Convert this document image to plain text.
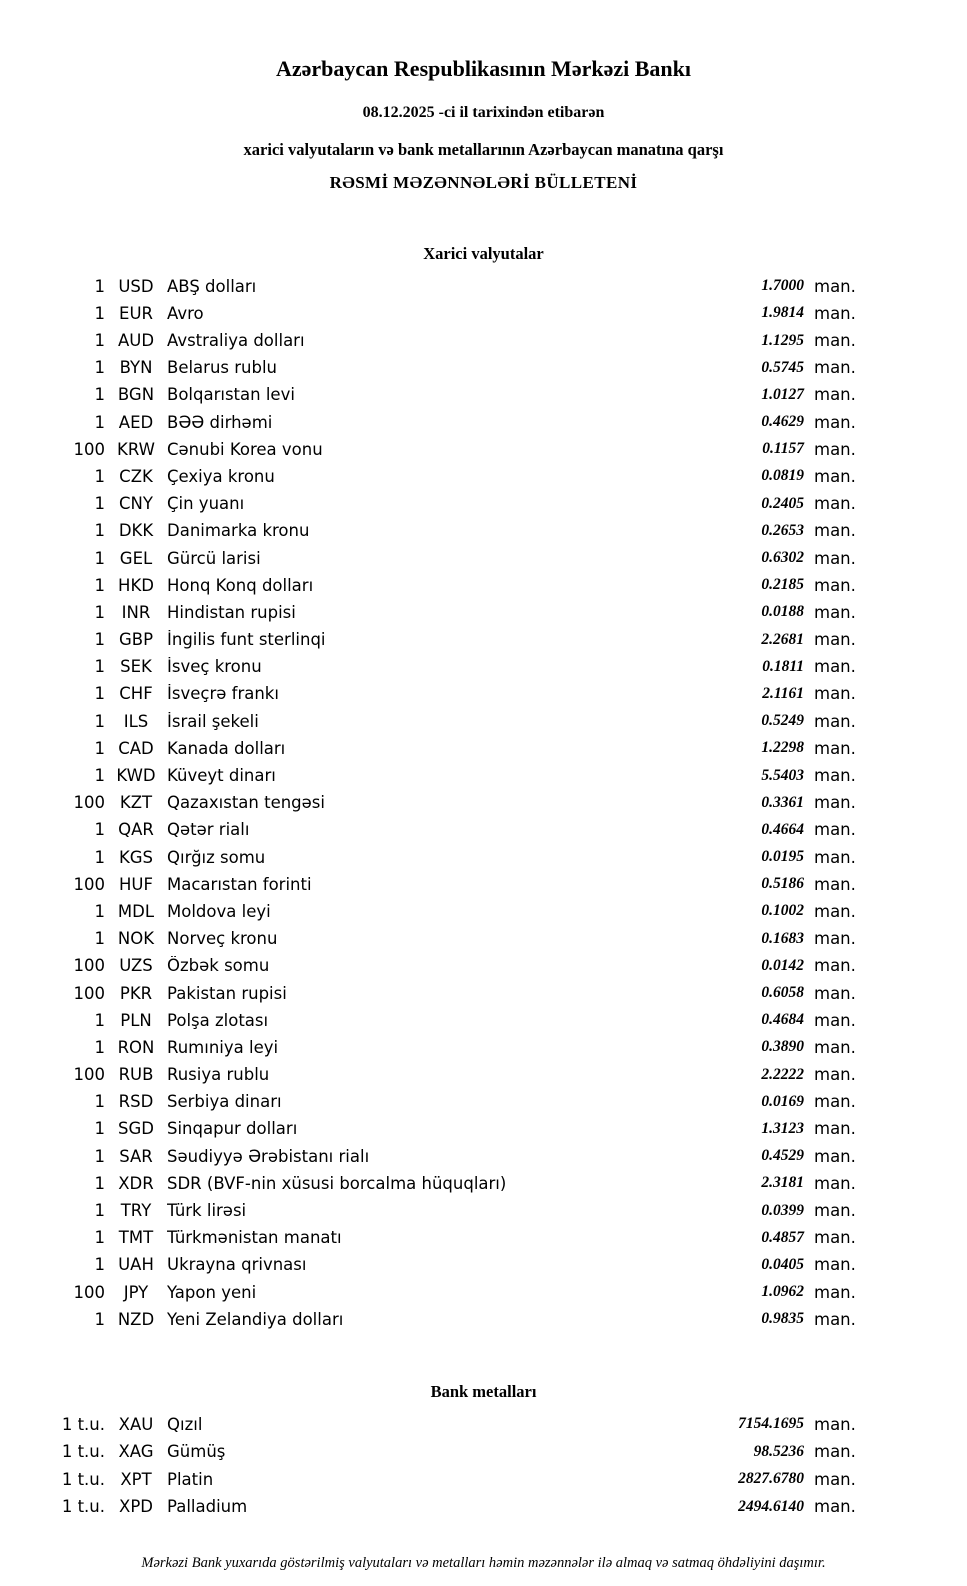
Azərbaycan Respublikasının Mərkəzi Bankı
08.12.2025 -ci il tarixindən etibarən
xarici valyutaların və bank metallarının Azərbaycan manatına qarşı
RƏSMİ MƏZƏNNƏLƏRİ BÜLLETENİ
Xarici valyutalar
1 USD ABŞ dolları	1.7000 man.
1 EUR Avro	1.9814 man.
1 AUD Avstraliya dolları	1.1295 man.
1 BYN Belarus rublu	0.5745 man.
1 BGN Bolqarıstan levi	1.0127 man.
1 AED BƏƏ dirhəmi	0.4629 man.
100 KRW Cənubi Korea vonu	0.1157 man.
1 CZK Çexiya kronu	0.0819 man.
1 CNY Çin yuanı	0.2405 man.
1 DKK Danimarka kronu	0.2653 man.
1 GEL Gürcü larisi	0.6302 man.
1 HKD Honq Konq dolları	0.2185 man.
1	INR	Hindistan rupisi	0.0188 man.
1 GBP İngilis funt sterlinqi	2.2681 man.
1 SEK İsveç kronu	0.1811 man.
1 CHF İsveçrə frankı	2.1161 man.
1	ILS	İsrail şekeli	0.5249 man.
1 CAD Kanada dolları	1.2298 man.
1 KWD Küveyt dinarı	5.5403 man.
100 KZT Qazaxıstan tengəsi	0.3361 man.
1 QAR Qətər rialı	0.4664 man.
1 KGS Qırğız somu	0.0195 man.
100 HUF Macarıstan forinti	0.5186 man.
1 MDL Moldova leyi	0.1002 man.
1 NOK Norveç kronu	0.1683 man.
100 UZS Özbək somu	0.0142 man.
100 PKR Pakistan rupisi	0.6058 man.
1 PLN Polşa zlotası	0.4684 man.
1 RON Rumıniya leyi	0.3890 man.
100 RUB Rusiya rublu	2.2222 man.
1 RSD Serbiya dinarı	0.0169 man.
1 SGD Sinqapur dolları	1.3123 man.
1 SAR Səudiyyə Ərəbistanı rialı	0.4529 man.
1 XDR SDR (BVF-nin xüsusi borcalma hüquqları)	2.3181 man.
1 TRY Türk lirəsi	0.0399 man.
1 TMT Türkmənistan manatı	0.4857 man.
1 UAH Ukrayna qrivnası	0.0405 man.
100	JPY	Yapon yeni	1.0962 man.
1 NZD Yeni Zelandiya dolları	0.9835 man.
Bank metalları
1 t.u. XAU Qızıl	7154.1695 man.
1 t.u. XAG Gümüş	98.5236 man.
1 t.u. XPT Platin	2827.6780 man.
1 t.u. XPD Palladium	2494.6140 man.
Mərkəzi Bank yuxarıda göstərilmiş valyutaları və metalları həmin məzənnələr ilə almaq və satmaq öhdəliyini daşımır.
